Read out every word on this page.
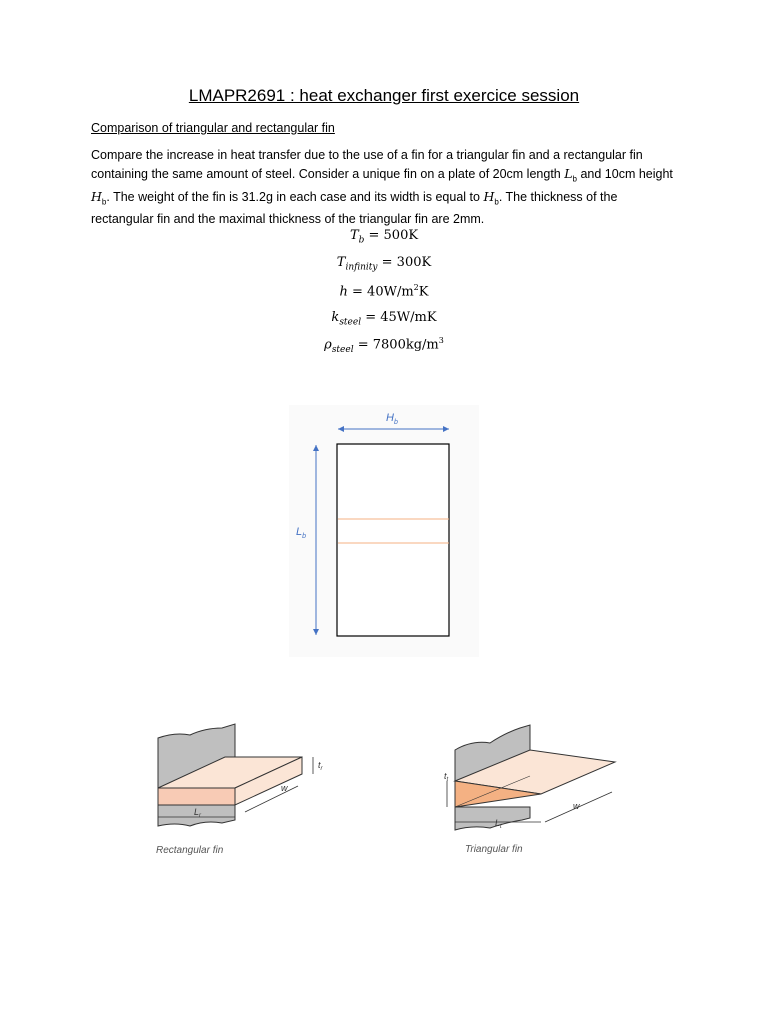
LMAPR2691 : heat exchanger first exercice session
Comparison of triangular and rectangular fin
Compare the increase in heat transfer due to the use of a fin for a triangular fin and a rectangular fin containing the same amount of steel. Consider a unique fin on a plate of 20cm length $L_b$ and 10cm height $H_b$. The weight of the fin is 31.2g in each case and its width is equal to $H_b$. The thickness of the rectangular fin and the maximal thickness of the triangular fin are 2mm.
$T_b = 500K$
$T_{infinity} = 300K$
$h = 40W/m^2K$
$k_{steel} = 45W/mK$
$\rho_{steel} = 7800kg/m^3$
$H_b$
$L_b$
$L_r$
w
$t_r$
Rectangular fin
$t_t$
$L_t$
w
Triangular fin
